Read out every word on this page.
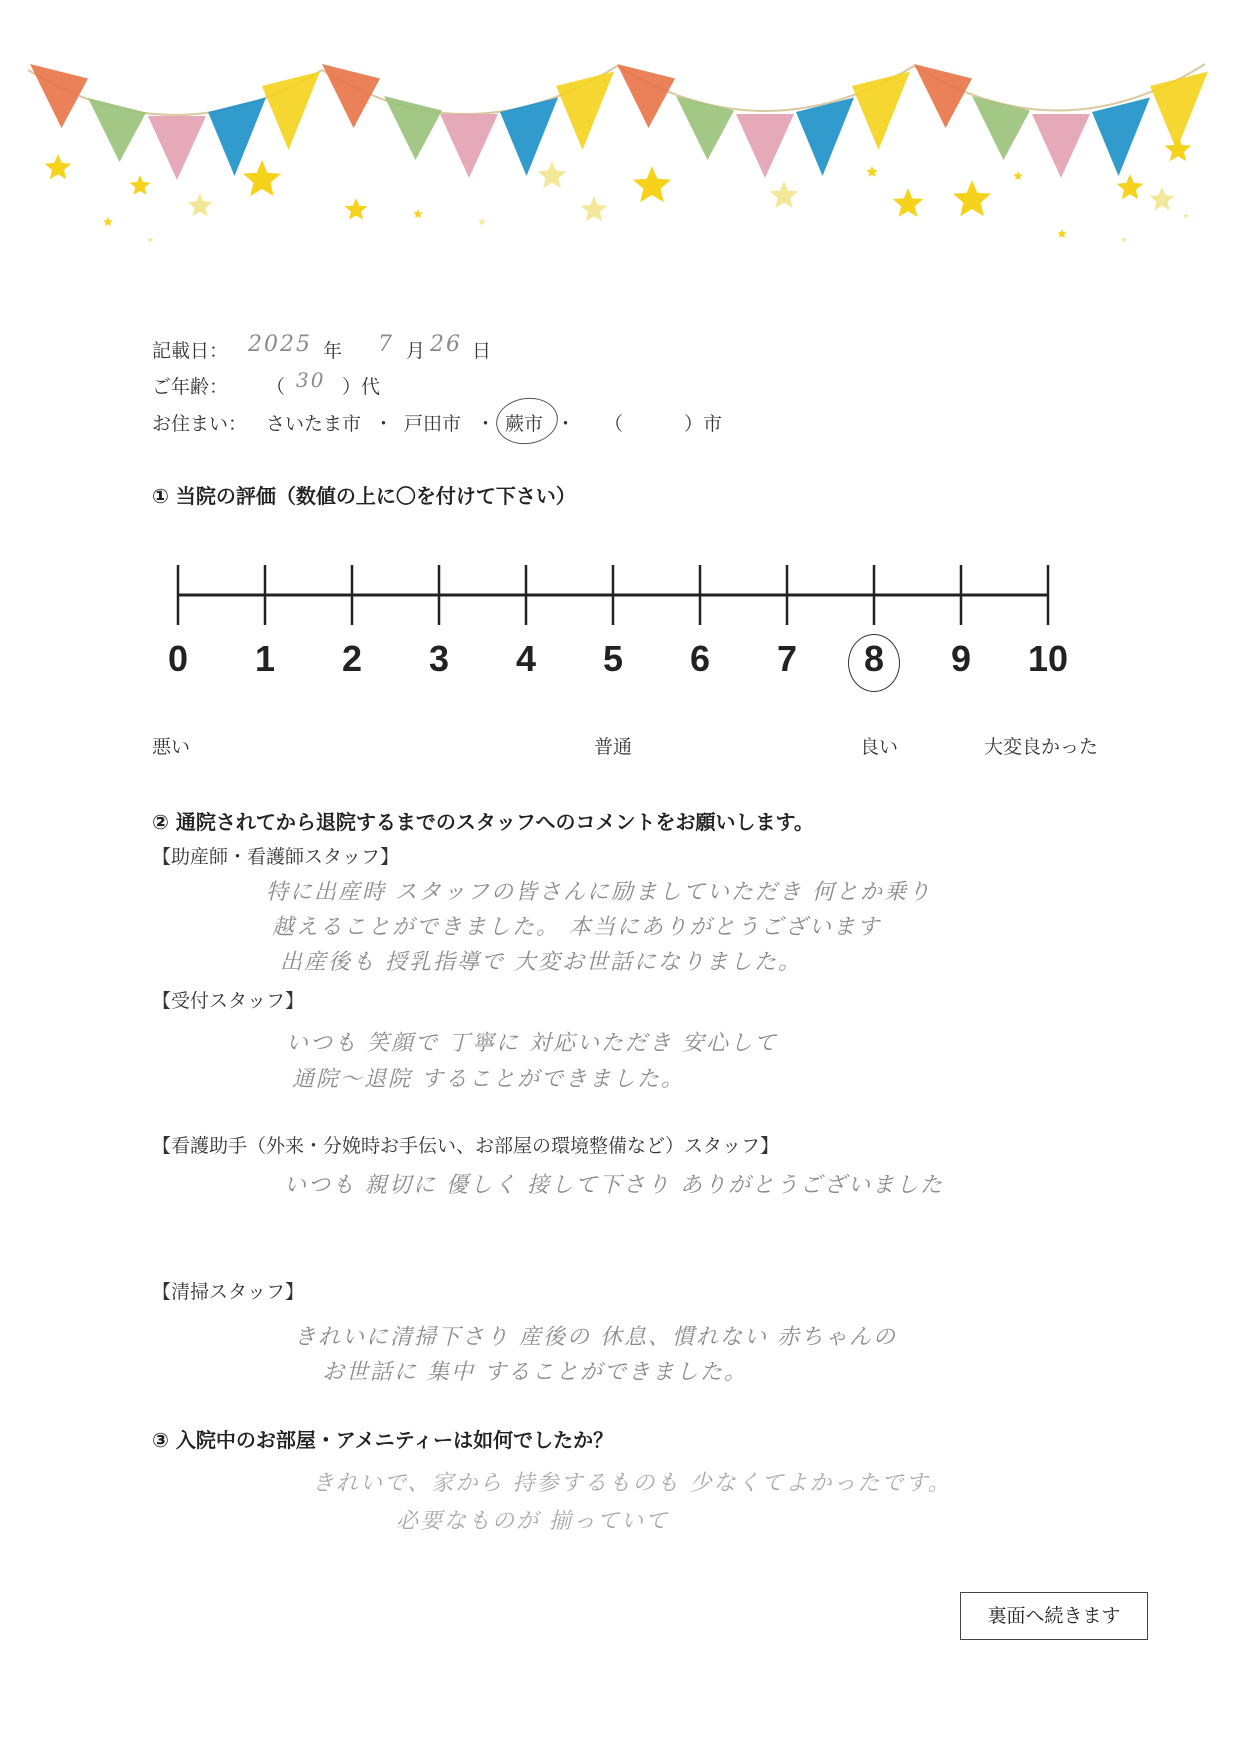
記載日： 2025 年 7 月 26 日
ご年齢： （ 30 ）代
お住まい： さいたま市 ・ 戸田市 ・ 蕨市 ・ （	）市
① 当院の評価（数値の上に〇を付けて下さい）
0 1 2 3 4 5 6 7 8 9 10
悪い	普通	良い	大変良かった
② 通院されてから退院するまでのスタッフへのコメントをお願いします。
【助産師・看護師スタッフ】
特に出産時 スタッフの皆さんに励ましていただき 何とか乗り
越えることができました。 本当にありがとうございます
出産後も 授乳指導で 大変お世話になりました。
【受付スタッフ】
いつも 笑顔で 丁寧に 対応いただき 安心して
通院～退院 することができました。
【看護助手（外来・分娩時お手伝い、お部屋の環境整備など）スタッフ】
いつも 親切に 優しく 接して下さり ありがとうございました
【清掃スタッフ】
きれいに清掃下さり 産後の 休息、慣れない 赤ちゃんの
お世話に 集中 することができました。
③ 入院中のお部屋・アメニティーは如何でしたか？
きれいで、家から 持参するものも 少なくてよかったです。
必要なものが 揃っていて
裏面へ続きます
